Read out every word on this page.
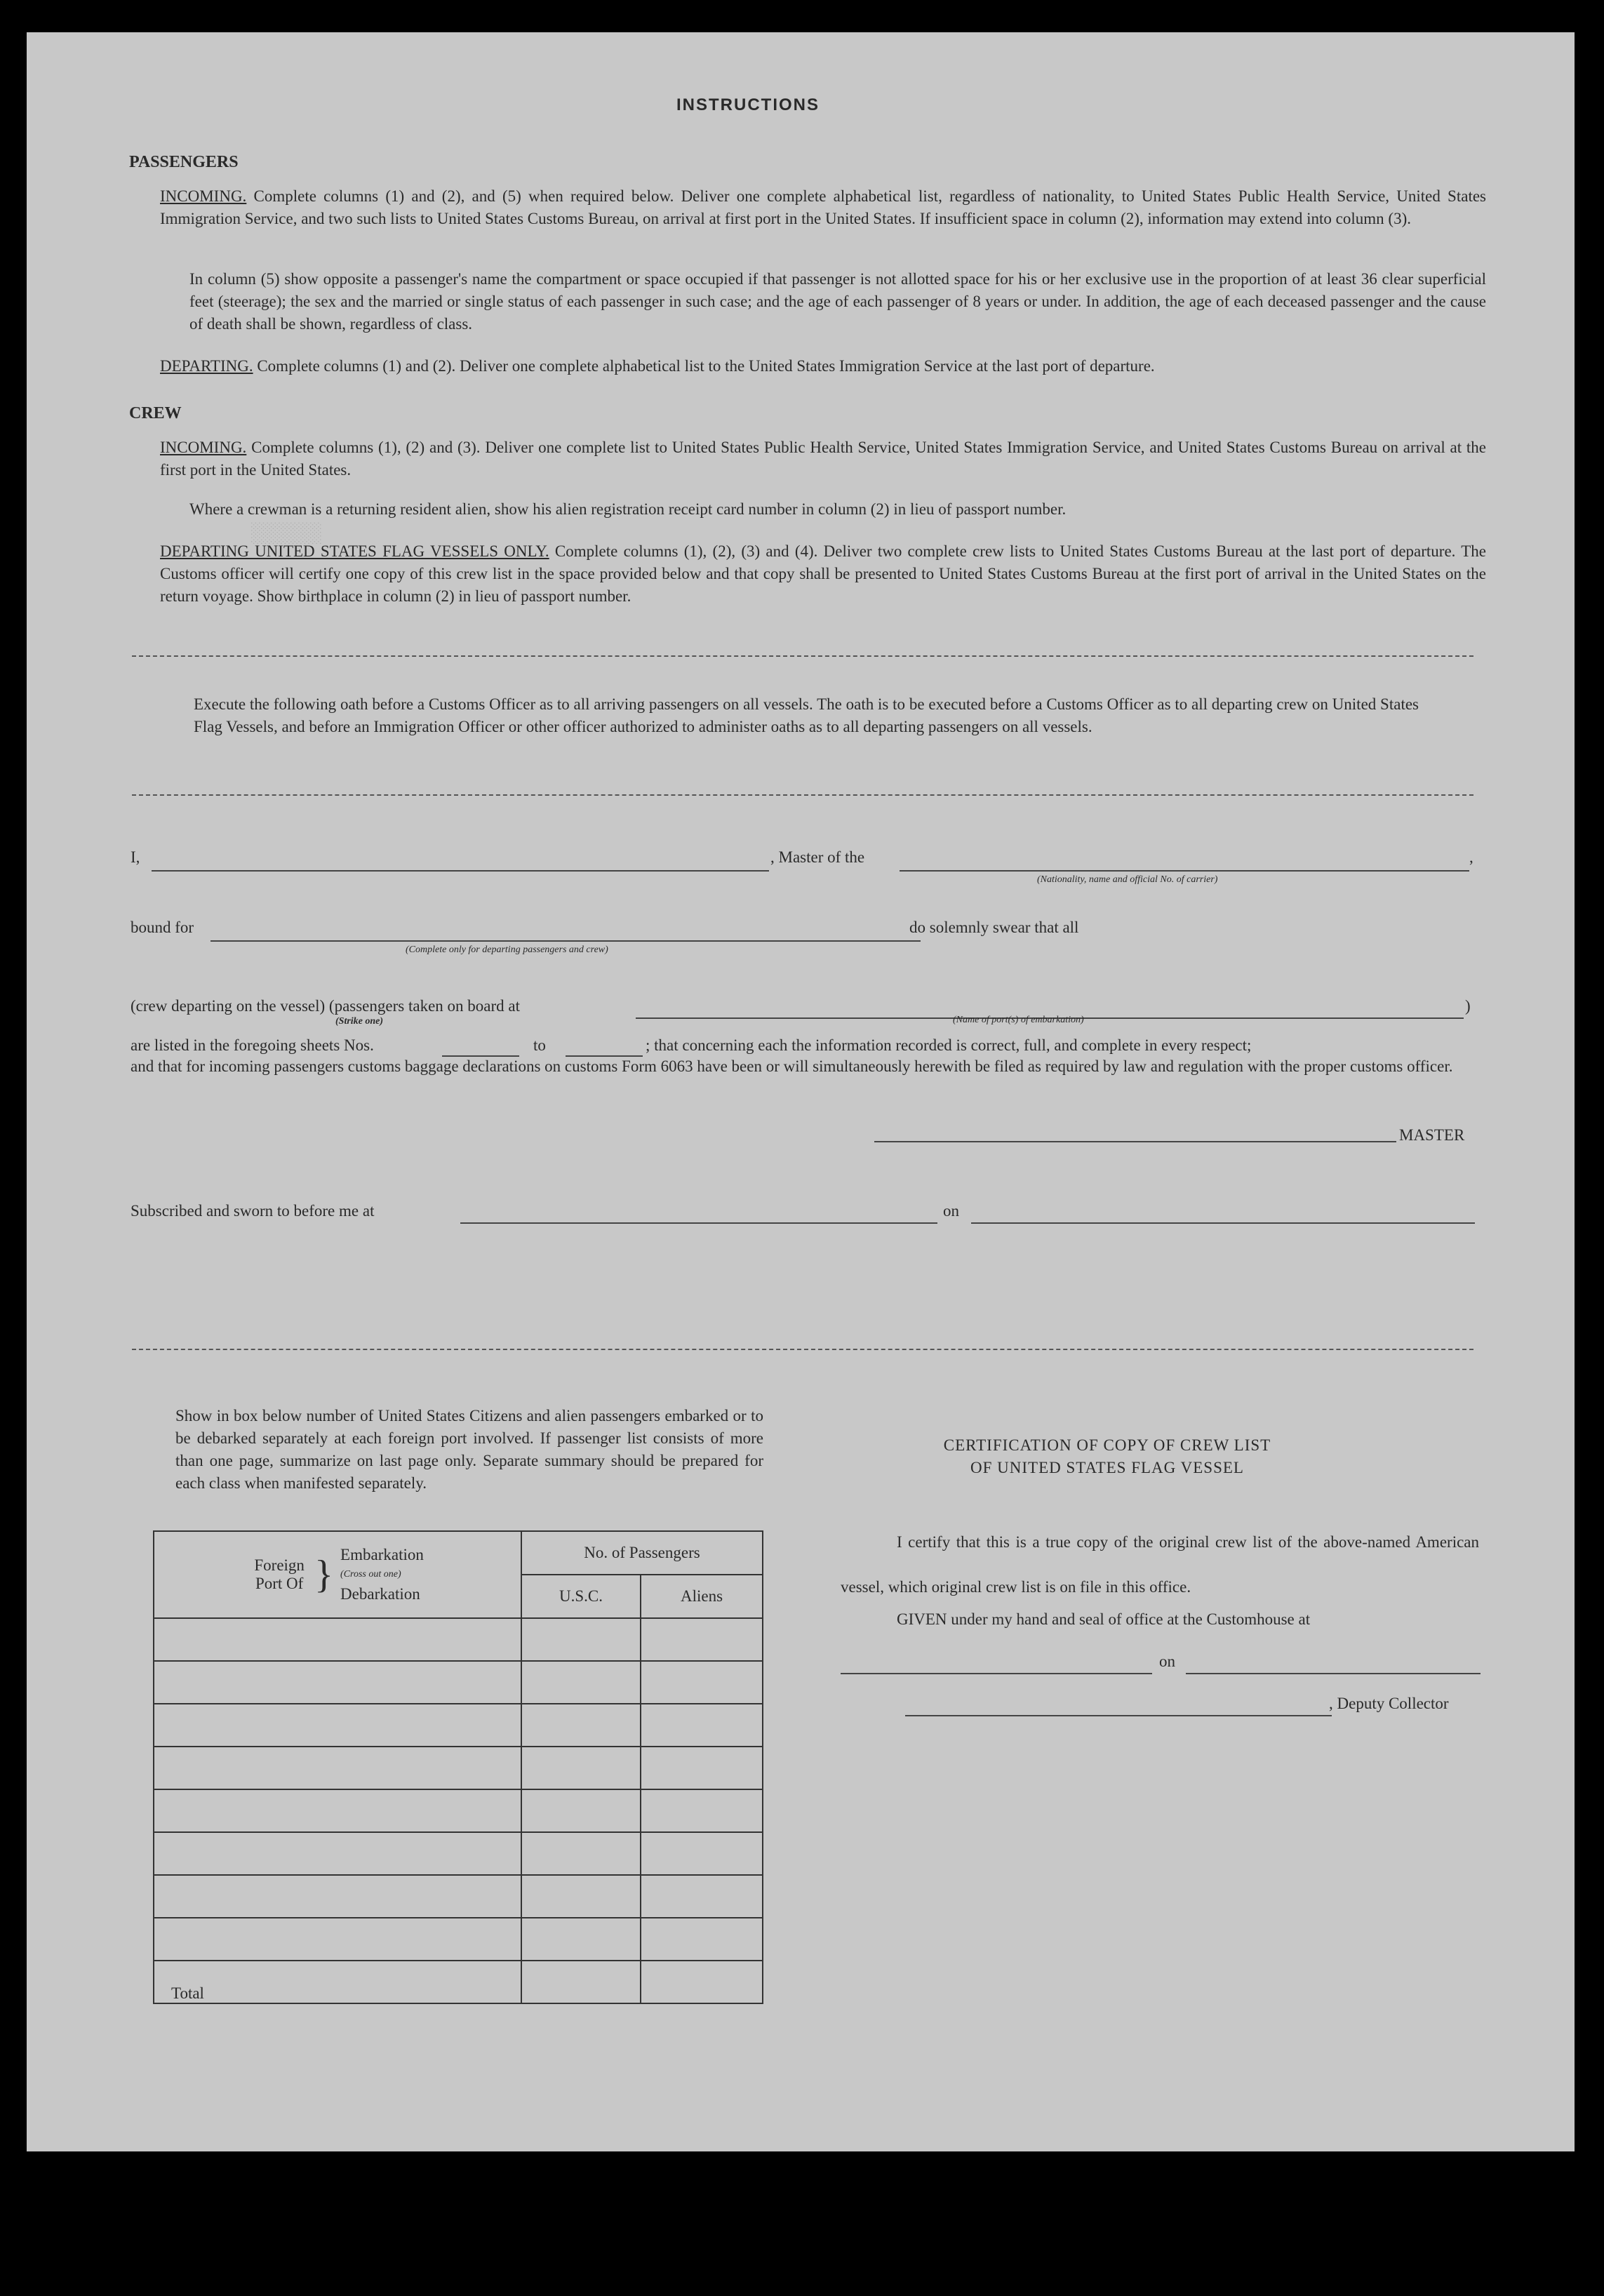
░░░░░░
INSTRUCTIONS
PASSENGERS
INCOMING. Complete columns (1) and (2), and (5) when required below. Deliver one complete alphabetical list, regardless of nationality, to United States Public Health Service, United States Immigration Service, and two such lists to United States Customs Bureau, on arrival at first port in the United States. If insufficient space in column (2), information may extend into column (3).
In column (5) show opposite a passenger's name the compartment or space occupied if that passenger is not allotted space for his or her exclusive use in the proportion of at least 36 clear superficial feet (steerage); the sex and the married or single status of each passenger in such case; and the age of each passenger of 8 years or under. In addition, the age of each deceased passenger and the cause of death shall be shown, regardless of class.
DEPARTING. Complete columns (1) and (2). Deliver one complete alphabetical list to the United States Immigration Service at the last port of departure.
CREW
INCOMING. Complete columns (1), (2) and (3). Deliver one complete list to United States Public Health Service, United States Immigration Service, and United States Customs Bureau on arrival at the first port in the United States.
Where a crewman is a returning resident alien, show his alien registration receipt card number in column (2) in lieu of passport number.
DEPARTING UNITED STATES FLAG VESSELS ONLY. Complete columns (1), (2), (3) and (4). Deliver two complete crew lists to United States Customs Bureau at the last port of departure. The Customs officer will certify one copy of this crew list in the space provided below and that copy shall be presented to United States Customs Bureau at the first port of arrival in the United States on the return voyage. Show birthplace in column (2) in lieu of passport number.
Execute the following oath before a Customs Officer as to all arriving passengers on all vessels. The oath is to be executed before a Customs Officer as to all departing crew on United States Flag Vessels, and before an Immigration Officer or other officer authorized to administer oaths as to all departing passengers on all vessels.
I,	, Master of the	,
(Nationality, name and official No. of carrier)
bound for	do solemnly swear that all
(Complete only for departing passengers and crew)
(crew departing on the vessel) (passengers taken on board at	)
(Strike one)	(Name of port(s) of embarkation)
are listed in the foregoing sheets Nos.	to	; that concerning each the information recorded is correct, full, and complete in every respect;
and that for incoming passengers customs baggage declarations on customs Form 6063 have been or will simultaneously herewith be filed as required by law and regulation with the proper customs officer.
MASTER
Subscribed and sworn to before me at	on
Show in box below number of United States Citizens and alien passengers embarked or to be debarked separately at each foreign port involved. If passenger list consists of more than one page, summarize on last page only. Separate summary should be prepared for each class when manifested separately.
Foreign Port Of } Embarkation
(Cross out one)
Debarkation	No. of Passengers	
	U.S.C.	Aliens

Total		
CERTIFICATION OF COPY OF CREW LIST
OF UNITED STATES FLAG VESSEL
I certify that this is a true copy of the original crew list of the above-named American vessel, which original crew list is on file in this office.
GIVEN under my hand and seal of office at the Customhouse at
on
, Deputy Collector
